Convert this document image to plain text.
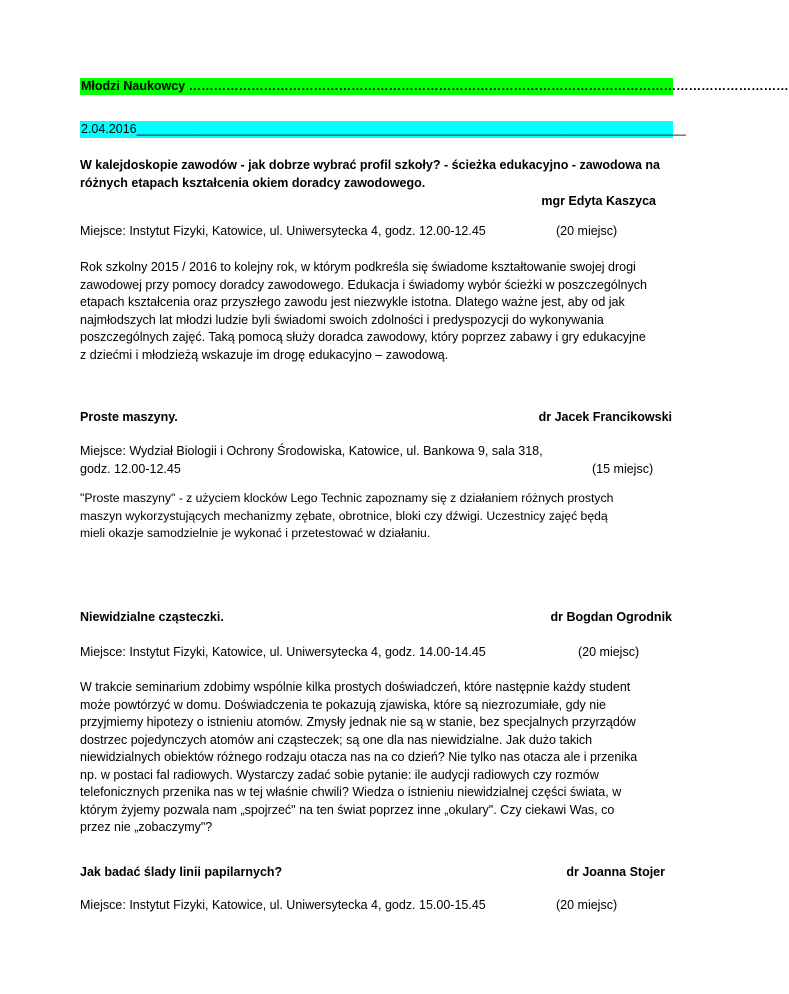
Młodzi Naukowcy ………………………………………………………………………………………………………………………………
2.04.2016_______________________________________________________________________________

W kalejdoskopie zawodów - jak dobrze wybrać profil szkoły? - ścieżka edukacyjno - zawodowa na

różnych etapach kształcenia okiem doradcy zawodowego.

mgr Edyta Kaszyca
Miejsce: Instytut Fizyki, Katowice, ul. Uniwersytecka 4, godz. 12.00-12.45	(20 miejsc)

Rok szkolny 2015 / 2016 to kolejny rok, w którym podkreśla się świadome kształtowanie swojej drogi

zawodowej przy pomocy doradcy zawodowego. Edukacja i świadomy wybór ścieżki w poszczególnych

etapach kształcenia oraz przyszłego zawodu jest niezwykle istotna. Dlatego ważne jest, aby od jak

najmłodszych lat młodzi ludzie byli świadomi swoich zdolności i predyspozycji do wykonywania

poszczególnych zajęć. Taką pomocą służy doradca zawodowy, który poprzez zabawy i gry edukacyjne

z dziećmi i młodzieżą wskazuje im drogę edukacyjno – zawodową.

Proste maszyny.	dr Jacek Francikowski

Miejsce: Wydział Biologii i Ochrony Środowiska, Katowice, ul. Bankowa 9, sala 318,

godz. 12.00-12.45	(15 miejsc)

"Proste maszyny" - z użyciem klocków Lego Technic zapoznamy się z działaniem różnych prostych

maszyn wykorzystujących mechanizmy zębate, obrotnice, bloki czy dźwigi. Uczestnicy zajęć będą

mieli okazje samodzielnie je wykonać i przetestować w działaniu.

Niewidzialne cząsteczki.	dr Bogdan Ogrodnik
Miejsce: Instytut Fizyki, Katowice, ul. Uniwersytecka 4, godz. 14.00-14.45	(20 miejsc)

W trakcie seminarium zdobimy wspólnie kilka prostych doświadczeń, które następnie każdy student

może powtórzyć w domu. Doświadczenia te pokazują zjawiska, które są niezrozumiałe, gdy nie

przyjmiemy hipotezy o istnieniu atomów. Zmysły jednak nie są w stanie, bez specjalnych przyrządów

dostrzec pojedynczych atomów ani cząsteczek; są one dla nas niewidzialne. Jak dużo takich

niewidzialnych obiektów różnego rodzaju otacza nas na co dzień? Nie tylko nas otacza ale i przenika

np. w postaci fal radiowych. Wystarczy zadać sobie pytanie: ile audycji radiowych czy rozmów

telefonicznych przenika nas w tej właśnie chwili? Wiedza o istnieniu niewidzialnej części świata, w

którym żyjemy pozwala nam „spojrzeć" na ten świat poprzez inne „okulary". Czy ciekawi Was, co

przez nie „zobaczymy"?

Jak badać ślady linii papilarnych?	dr Joanna Stojer
Miejsce: Instytut Fizyki, Katowice, ul. Uniwersytecka 4, godz. 15.00-15.45	(20 miejsc)
